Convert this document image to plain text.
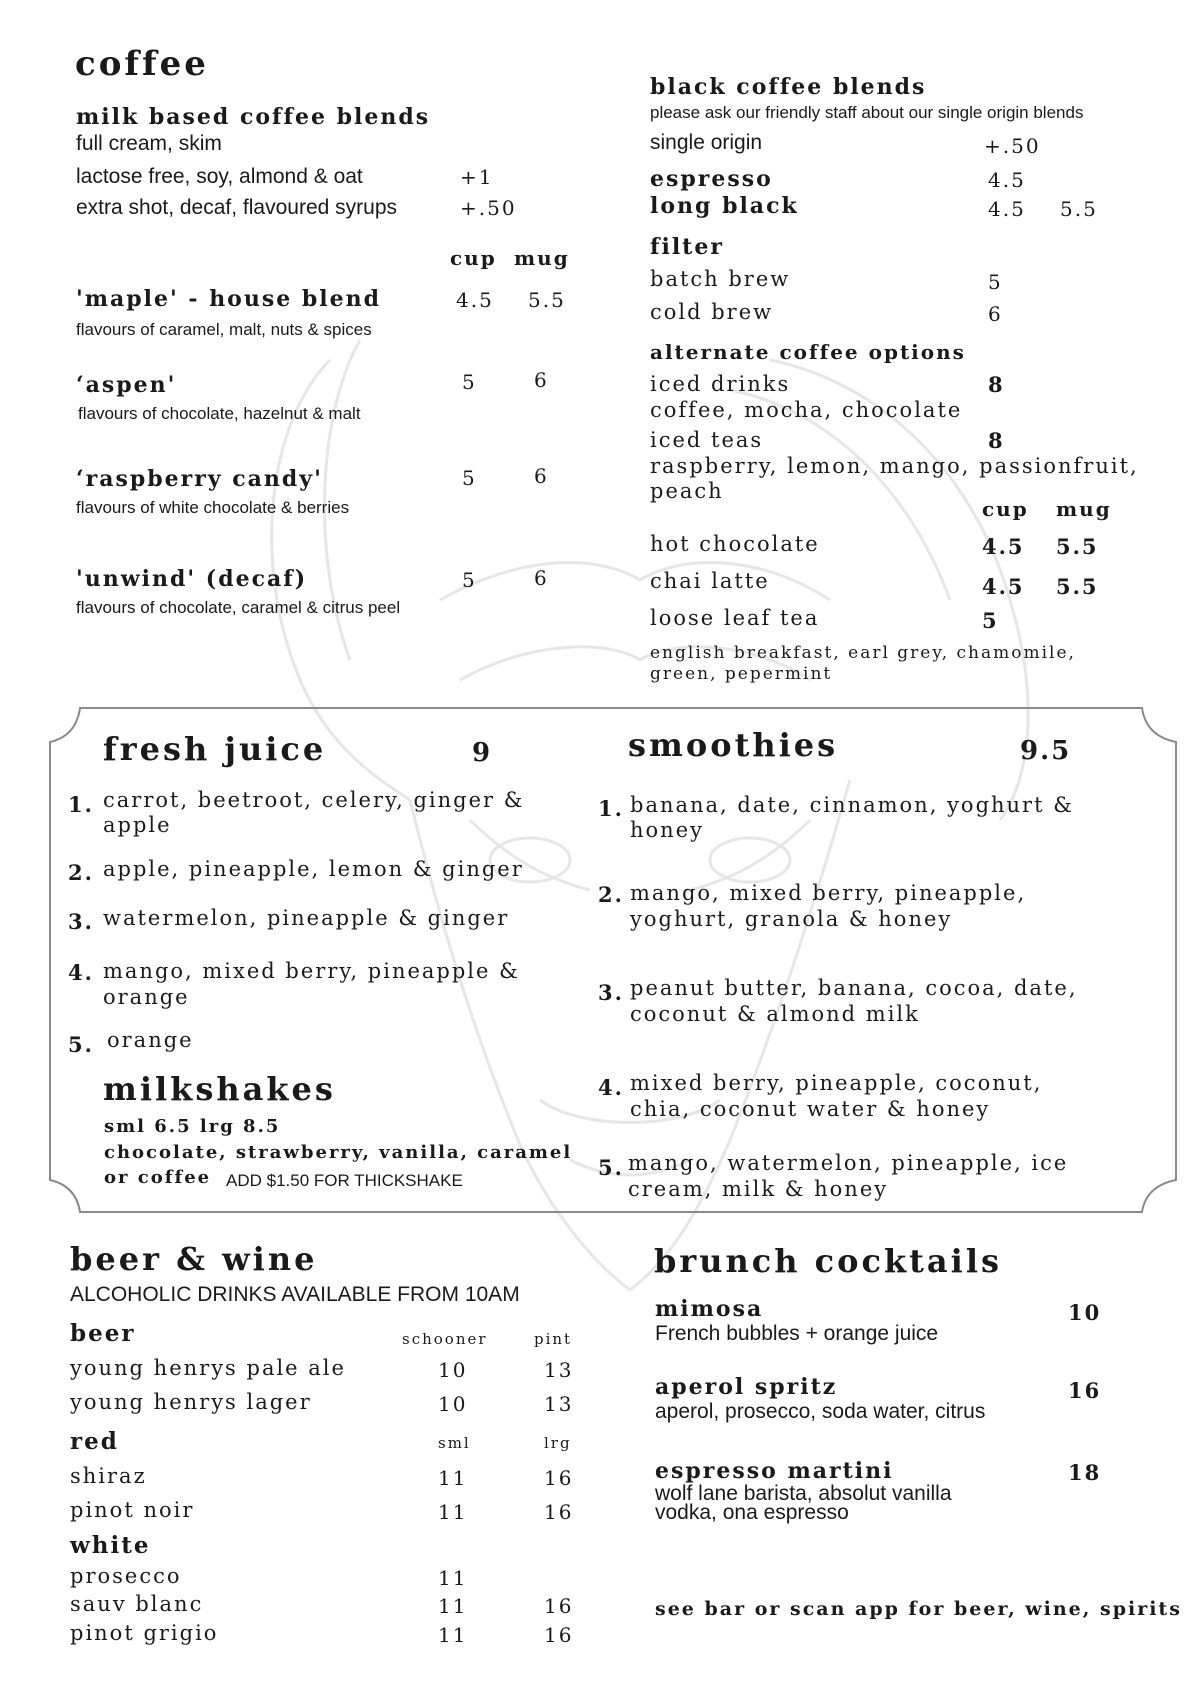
coffee
milk based coffee blends
full cream, skim
lactose free, soy, almond & oat	+1
extra shot, decaf, flavoured syrups	+.50
cup mug
'maple' - house blend	4.5 5.5
flavours of caramel, malt, nuts & spices
‘aspen'	5	6
flavours of chocolate, hazelnut & malt
‘raspberry candy'	5	6
flavours of white chocolate & berries
'unwind' (decaf)	5	6
flavours of chocolate, caramel & citrus peel
black coffee blends
please ask our friendly staff about our single origin blends
single origin	+.50
espresso	4.5
long black	4.5 5.5
filter
batch brew	5
cold brew	6
alternate coffee options
iced drinks	8
coffee, mocha, chocolate
iced teas	8
raspberry, lemon, mango, passionfruit, peach
cup mug
hot chocolate	4.5 5.5
chai latte	4.5 5.5
loose leaf tea	5
english breakfast, earl grey, chamomile, green, pepermint
fresh juice	9
1. carrot, beetroot, celery, ginger & apple
2. apple, pineapple, lemon & ginger
3. watermelon, pineapple & ginger
4. mango, mixed berry, pineapple & orange
5. orange
milkshakes
sml 6.5 lrg 8.5
chocolate, strawberry, vanilla, caramel
or coffee ADD $1.50 FOR THICKSHAKE
smoothies	9.5
1. banana, date, cinnamon, yoghurt & honey
2. mango, mixed berry, pineapple, yoghurt, granola & honey
3. peanut butter, banana, cocoa, date, coconut & almond milk
4. mixed berry, pineapple, coconut, chia, coconut water & honey
5. mango, watermelon, pineapple, ice cream, milk & honey
beer & wine
ALCOHOLIC DRINKS AVAILABLE FROM 10AM
beer	schooner	pint
young henrys pale ale	10	13
young henrys lager	10	13
red	sml	lrg
shiraz	11	16
pinot noir	11	16
white
prosecco	11
sauv blanc	11	16
pinot grigio	11	16
brunch cocktails
mimosa	10
French bubbles + orange juice
aperol spritz	16
aperol, prosecco, soda water, citrus
espresso martini	18
wolf lane barista, absolut vanilla vodka, ona espresso
see bar or scan app for beer, wine, spirits
